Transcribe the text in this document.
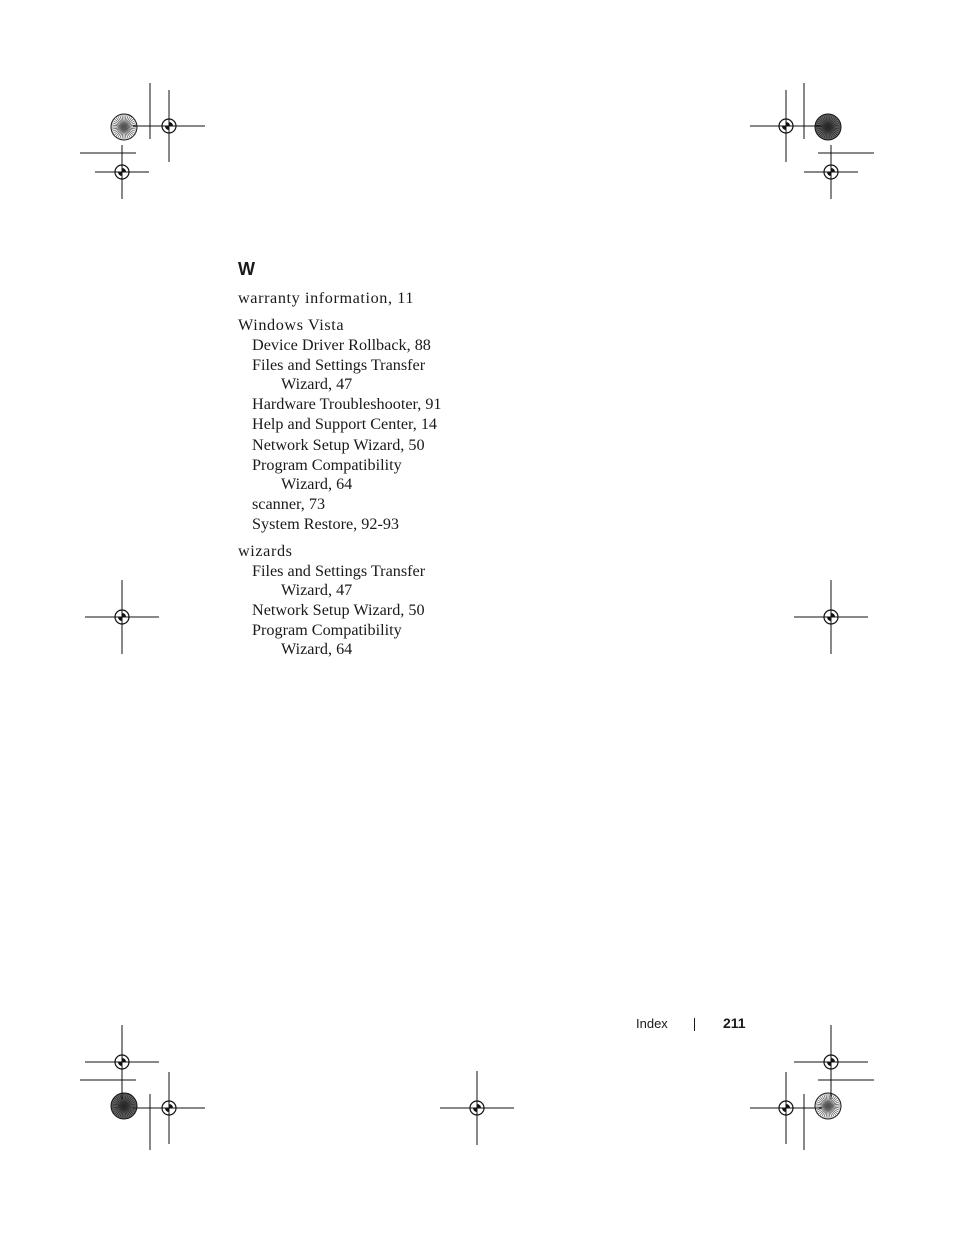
W

warranty information, 11

Windows Vista

Device Driver Rollback, 88

Files and Settings Transfer

Wizard, 47

Hardware Troubleshooter, 91

Help and Support Center, 14

Network Setup Wizard, 50

Program Compatibility

Wizard, 64

scanner, 73

System Restore, 92-93

wizards

Files and Settings Transfer

Wizard, 47

Network Setup Wizard, 50

Program Compatibility

Wizard, 64

Index	211
